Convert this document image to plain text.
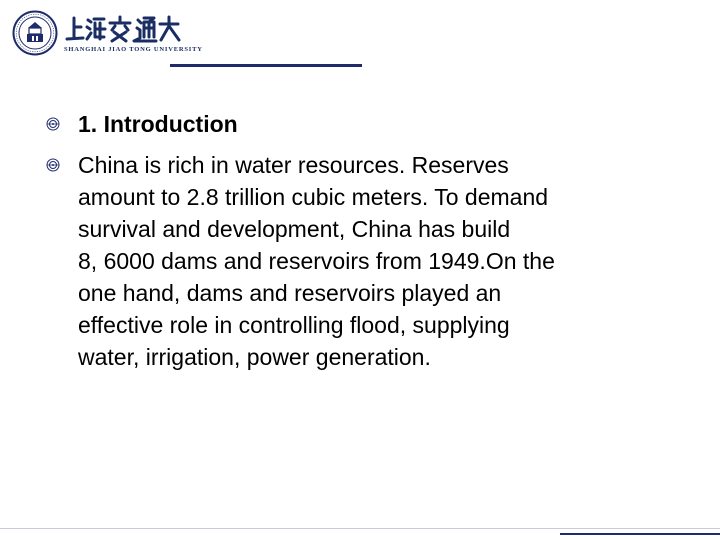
SHANGHAI JIAO TONG UNIVERSITY
1. Introduction
China is rich in water resources. Reserves
amount to 2.8 trillion cubic meters. To demand
survival and development, China has build
8, 6000 dams and reservoirs from 1949.On the
one hand, dams and reservoirs played an
effective role in controlling flood, supplying
water, irrigation, power generation.
